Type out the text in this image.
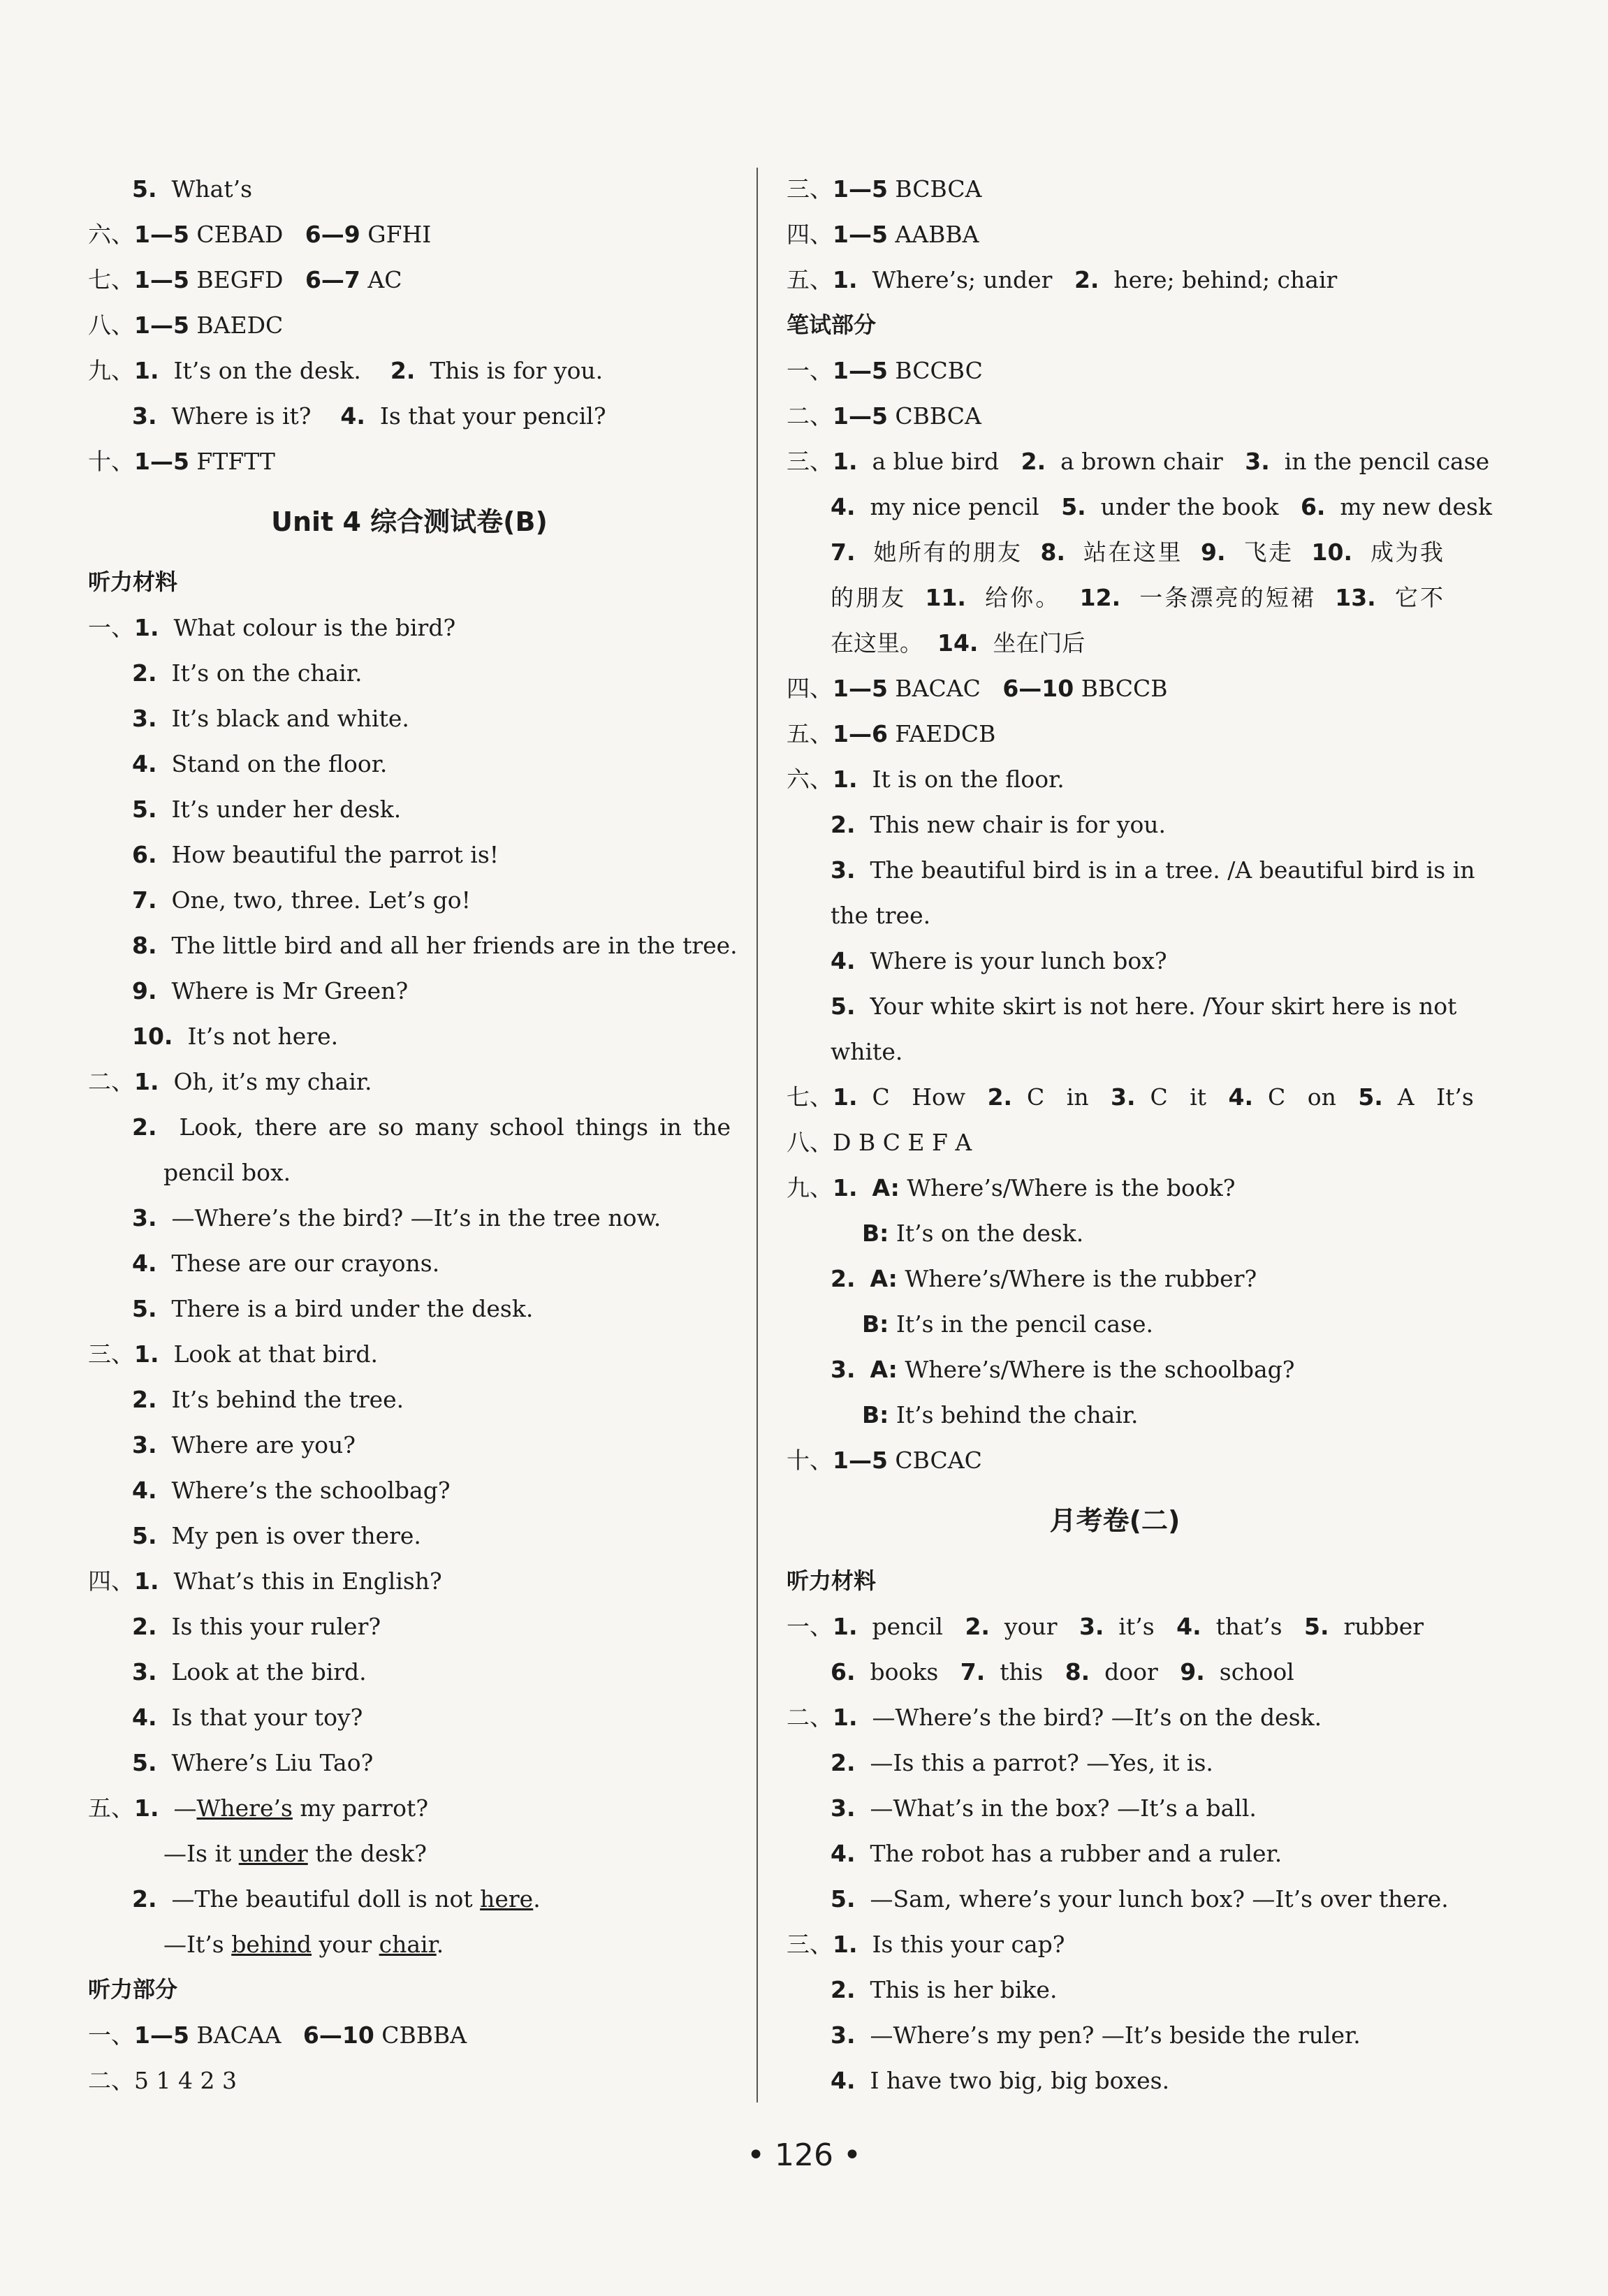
5.  What’s
六、1—5 CEBAD   6—9 GFHI
七、1—5 BEGFD   6—7 AC
八、1—5 BAEDC
九、1.  It’s on the desk.    2.  This is for you.
3.  Where is it?    4.  Is that your pencil?
十、1—5 FTFTT
Unit 4 综合测试卷(B)
听力材料
一、1.  What colour is the bird?
2.  It’s on the chair.
3.  It’s black and white.
4.  Stand on the floor.
5.  It’s under her desk.
6.  How beautiful the parrot is!
7.  One, two, three. Let’s go!
8.  The little bird and all her friends are in the tree.
9.  Where is Mr Green?
10.  It’s not here.
二、1.  Oh, it’s my chair.
2.  Look, there are so many school things in the
pencil box.
3.  —Where’s the bird? —It’s in the tree now.
4.  These are our crayons.
5.  There is a bird under the desk.
三、1.  Look at that bird.
2.  It’s behind the tree.
3.  Where are you?
4.  Where’s the schoolbag?
5.  My pen is over there.
四、1.  What’s this in English?
2.  Is this your ruler?
3.  Look at the bird.
4.  Is that your toy?
5.  Where’s Liu Tao?
五、1.  —Where’s my parrot?
—Is it under the desk?
2.  —The beautiful doll is not here.
—It’s behind your chair.
听力部分
一、1—5 BACAA   6—10 CBBBA
二、5 1 4 2 3
三、1—5 BCBCA
四、1—5 AABBA
五、1.  Where’s; under   2.  here; behind; chair
笔试部分
一、1—5 BCCBC
二、1—5 CBBCA
三、1.  a blue bird   2.  a brown chair   3.  in the pencil case
4.  my nice pencil   5.  under the book   6.  my new desk
7.  她所有的朋友  8.  站在这里  9.  飞走  10.  成为我
的朋友  11.  给你。  12.  一条漂亮的短裙  13.  它不
在这里。  14.  坐在门后
四、1—5 BACAC   6—10 BBCCB
五、1—6 FAEDCB
六、1.  It is on the floor.
2.  This new chair is for you.
3.  The beautiful bird is in a tree. /A beautiful bird is in
the tree.
4.  Where is your lunch box?
5.  Your white skirt is not here. /Your skirt here is not
white.
七、1.  C   How   2.  C   in   3.  C   it   4.  C   on   5.  A   It’s
八、D B C E F A
九、1. A: Where’s/Where is the book?
B: It’s on the desk.
2. A: Where’s/Where is the rubber?
B: It’s in the pencil case.
3. A: Where’s/Where is the schoolbag?
B: It’s behind the chair.
十、1—5 CBCAC
月考卷(二)
听力材料
一、1.  pencil   2.  your   3.  it’s   4.  that’s   5.  rubber
6.  books   7.  this   8.  door   9.  school
二、1.  —Where’s the bird? —It’s on the desk.
2.  —Is this a parrot? —Yes, it is.
3.  —What’s in the box? —It’s a ball.
4.  The robot has a rubber and a ruler.
5.  —Sam, where’s your lunch box? —It’s over there.
三、1.  Is this your cap?
2.  This is her bike.
3.  —Where’s my pen? —It’s beside the ruler.
4.  I have two big, big boxes.
• 126 •
